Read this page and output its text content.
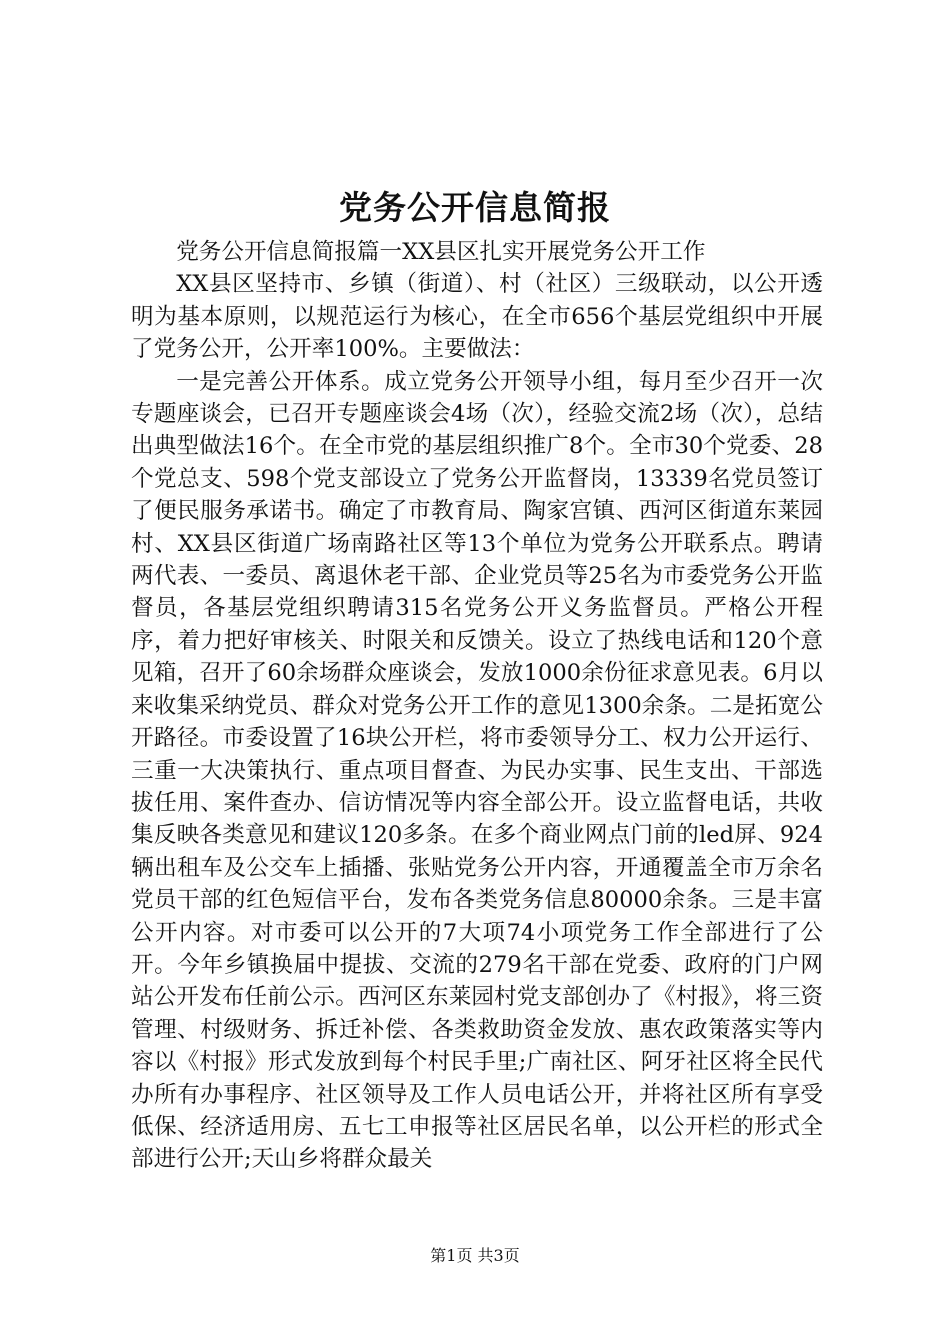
党务公开信息简报

党务公开信息简报篇一XX县区扎实开展党务公开工作

XX县区坚持市、乡镇（街道）、村（社区）三级联动，以公开透明为基本原则，以规范运行为核心，在全市656个基层党组织中开展了党务公开，公开率100%。主要做法：

一是完善公开体系。成立党务公开领导小组，每月至少召开一次专题座谈会，已召开专题座谈会4场（次），经验交流2场（次），总结出典型做法16个。在全市党的基层组织推广8个。全市30个党委、28个党总支、598个党支部设立了党务公开监督岗，13339名党员签订了便民服务承诺书。确定了市教育局、陶家宫镇、西河区街道东莱园村、XX县区街道广场南路社区等13个单位为党务公开联系点。聘请两代表、一委员、离退休老干部、企业党员等25名为市委党务公开监督员，各基层党组织聘请315名党务公开义务监督员。严格公开程序，着力把好审核关、时限关和反馈关。设立了热线电话和120个意见箱，召开了60余场群众座谈会，发放1000余份征求意见表。6月以来收集采纳党员、群众对党务公开工作的意见1300余条。二是拓宽公开路径。市委设置了16块公开栏，将市委领导分工、权力公开运行、三重一大决策执行、重点项目督查、为民办实事、民生支出、干部选拔任用、案件查办、信访情况等内容全部公开。设立监督电话，共收集反映各类意见和建议120多条。在多个商业网点门前的led屏、924辆出租车及公交车上插播、张贴党务公开内容，开通覆盖全市万余名党员干部的红色短信平台，发布各类党务信息80000余条。三是丰富公开内容。对市委可以公开的7大项74小项党务工作全部进行了公开。今年乡镇换届中提拔、交流的279名干部在党委、政府的门户网站公开发布任前公示。西河区东莱园村党支部创办了《村报》，将三资管理、村级财务、拆迁补偿、各类救助资金发放、惠农政策落实等内容以《村报》形式发放到每个村民手里;广南社区、阿牙社区将全民代办所有办事程序、社区领导及工作人员电话公开，并将社区所有享受低保、经济适用房、五七工申报等社区居民名单，以公开栏的形式全部进行公开;天山乡将群众最关

第1页 共3页
